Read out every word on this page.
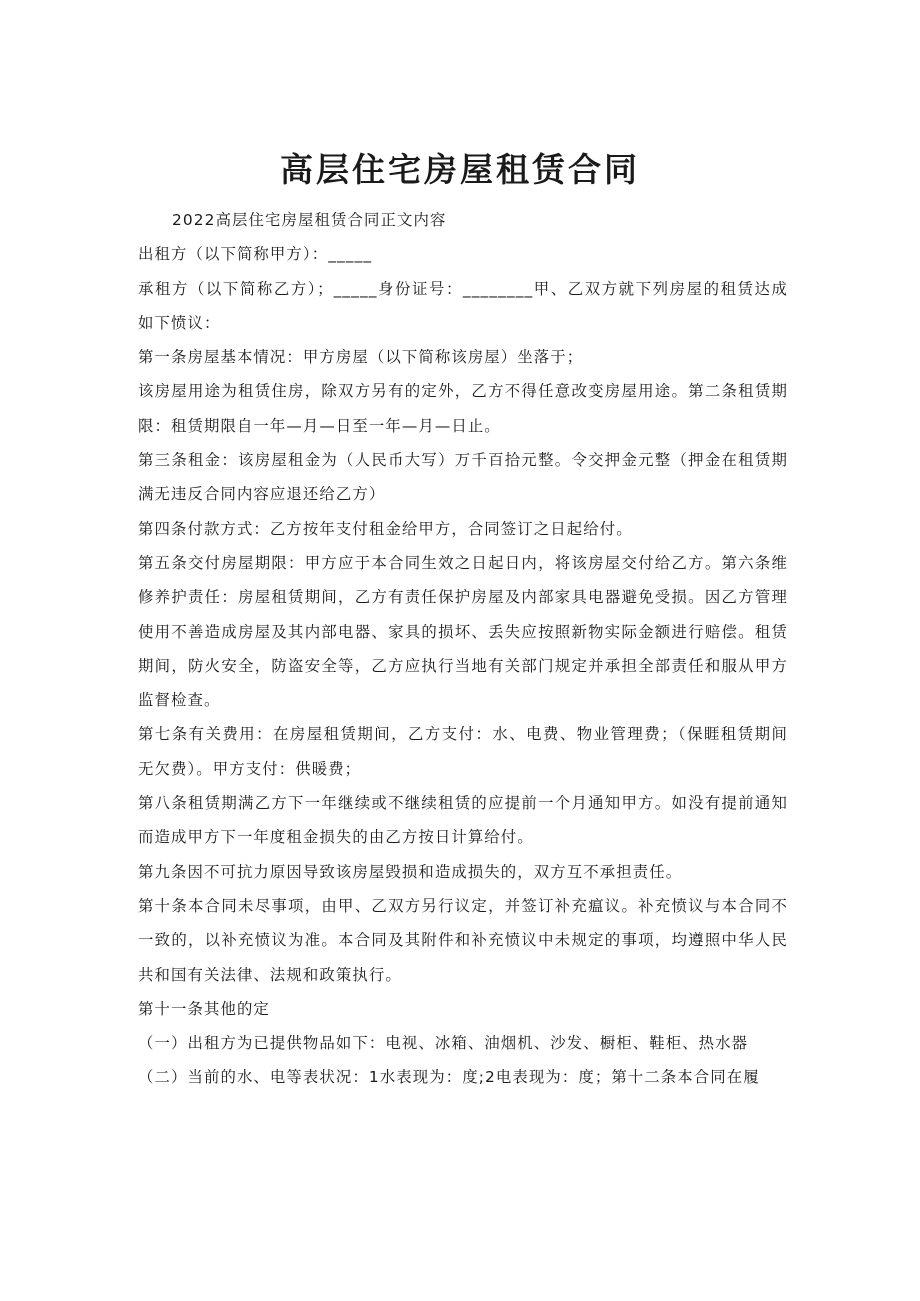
高层住宅房屋租赁合同

2022高层住宅房屋租赁合同正文内容

出租方（以下简称甲方）：_____

承租方（以下简称乙方）；_____身份证号：________甲、乙双方就下列房屋的租赁达成如下愤议：

第一条房屋基本情况：甲方房屋（以下简称该房屋）坐落于；

该房屋用途为租赁住房，除双方另有的定外，乙方不得任意改变房屋用途。第二条租赁期限：租赁期限自一年—月—日至一年—月—日止。

第三条租金：该房屋租金为（人民币大写）万千百拾元整。令交押金元整（押金在租赁期满无违反合同内容应退还给乙方）

第四条付款方式：乙方按年支付租金给甲方，合同签订之日起给付。

第五条交付房屋期限：甲方应于本合同生效之日起日内，将该房屋交付给乙方。第六条维修养护责任：房屋租赁期间，乙方有责任保护房屋及内部家具电器避免受损。因乙方管理使用不善造成房屋及其内部电器、家具的损坏、丢失应按照新物实际金额进行赔偿。租赁期间，防火安全，防盗安全等，乙方应执行当地有关部门规定并承担全部责任和服从甲方监督检查。

第七条有关费用：在房屋租赁期间，乙方支付：水、电费、物业管理费；（保睚租赁期间无欠费）。甲方支付：供暖费；

第八条租赁期满乙方下一年继续或不继续租赁的应提前一个月通知甲方。如没有提前通知而造成甲方下一年度租金损失的由乙方按日计算给付。

第九条因不可抗力原因导致该房屋毁损和造成损失的，双方互不承担责任。

第十条本合同未尽事项，由甲、乙双方另行议定，并签订补充瘟议。补充愤议与本合同不一致的，以补充愤议为准。本合同及其附件和补充愤议中未规定的事项，均遵照中华人民共和国有关法律、法规和政策执行。

第十一条其他的定

（一）出租方为已提供物品如下：电视、冰箱、油烟机、沙发、橱柜、鞋柜、热水器

（二）当前的水、电等表状况：1水表现为：度;2电表现为：度；第十二条本合同在履
